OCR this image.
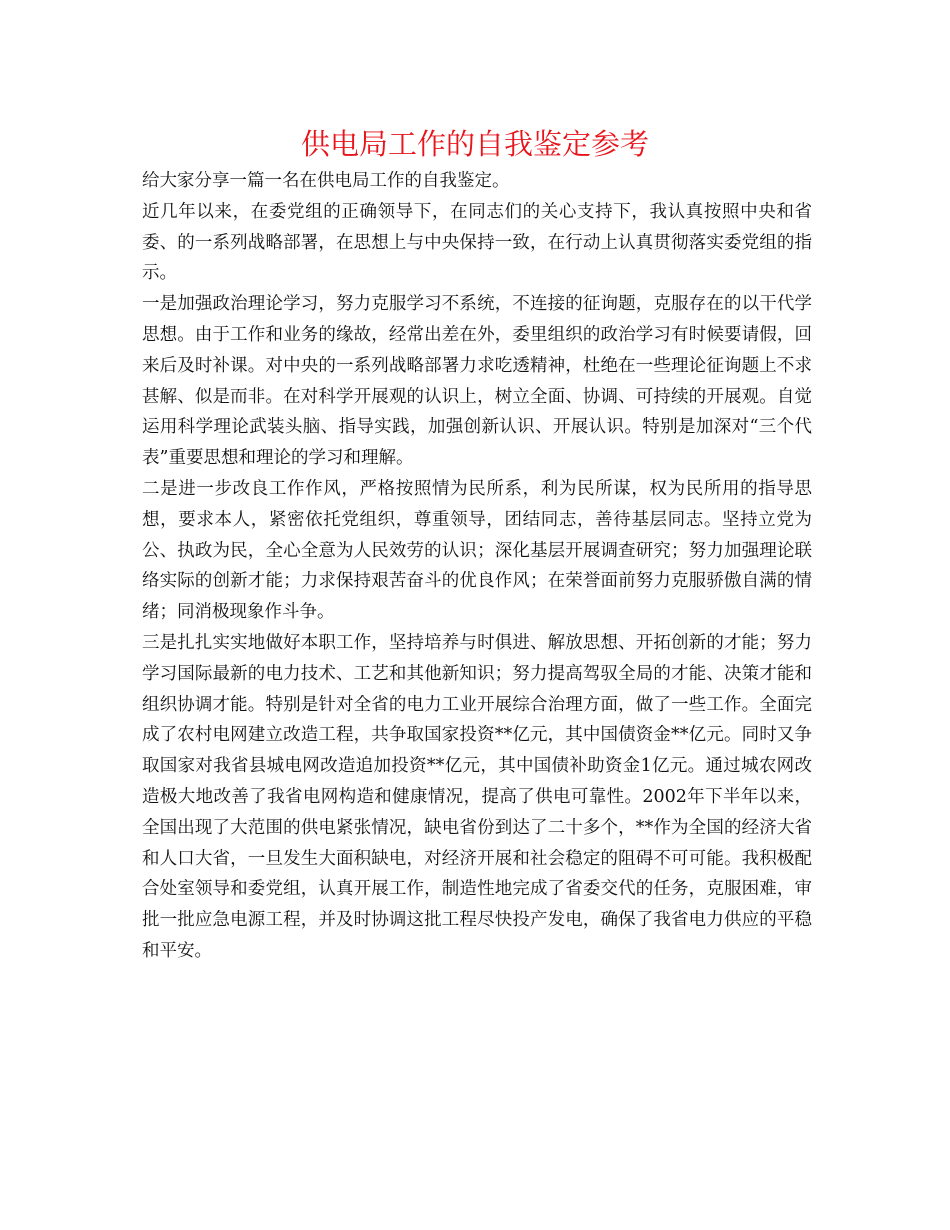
供电局工作的自我鉴定参考

给大家分享一篇一名在供电局工作的自我鉴定。

近几年以来，在委党组的正确领导下，在同志们的关心支持下，我认真按照中央和省委、的一系列战略部署，在思想上与中央保持一致，在行动上认真贯彻落实委党组的指示。

一是加强政治理论学习，努力克服学习不系统，不连接的征询题，克服存在的以干代学思想。由于工作和业务的缘故，经常出差在外，委里组织的政治学习有时候要请假，回来后及时补课。对中央的一系列战略部署力求吃透精神，杜绝在一些理论征询题上不求甚解、似是而非。在对科学开展观的认识上，树立全面、协调、可持续的开展观。自觉运用科学理论武装头脑、指导实践，加强创新认识、开展认识。特别是加深对“三个代表”重要思想和理论的学习和理解。

二是进一步改良工作作风，严格按照情为民所系，利为民所谋，权为民所用的指导思想，要求本人，紧密依托党组织，尊重领导，团结同志，善待基层同志。坚持立党为公、执政为民，全心全意为人民效劳的认识；深化基层开展调查研究；努力加强理论联络实际的创新才能；力求保持艰苦奋斗的优良作风；在荣誉面前努力克服骄傲自满的情绪；同消极现象作斗争。

三是扎扎实实地做好本职工作，坚持培养与时俱进、解放思想、开拓创新的才能；努力学习国际最新的电力技术、工艺和其他新知识；努力提高驾驭全局的才能、决策才能和组织协调才能。特别是针对全省的电力工业开展综合治理方面，做了一些工作。全面完成了农村电网建立改造工程，共争取国家投资**亿元，其中国债资金**亿元。同时又争取国家对我省县城电网改造追加投资**亿元，其中国债补助资金1亿元。通过城农网改造极大地改善了我省电网构造和健康情况，提高了供电可靠性。2002年下半年以来，全国出现了大范围的供电紧张情况，缺电省份到达了二十多个，**作为全国的经济大省和人口大省，一旦发生大面积缺电，对经济开展和社会稳定的阻碍不可可能。我积极配合处室领导和委党组，认真开展工作，制造性地完成了省委交代的任务，克服困难，审批一批应急电源工程，并及时协调这批工程尽快投产发电，确保了我省电力供应的平稳和平安。
